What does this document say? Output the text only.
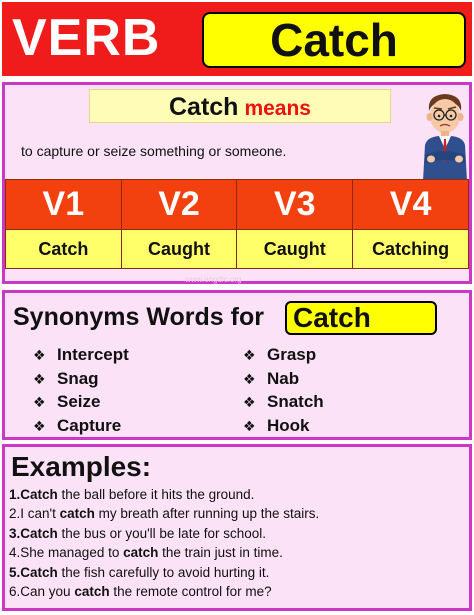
VERB	Catch
Catch means
to capture or seize something or someone.
V1	V2	V3	V4
Catch	Caught	Caught	Catching
www.engdic.org
Synonyms Words for Catch
❖ Intercept
❖ Snag
❖ Seize
❖ Capture
❖ Grasp
❖ Nab
❖ Snatch
❖ Hook
Examples:
1.Catch the ball before it hits the ground.
2.I can't catch my breath after running up the stairs.
3.Catch the bus or you'll be late for school.
4.She managed to catch the train just in time.
5.Catch the fish carefully to avoid hurting it.
6.Can you catch the remote control for me?
